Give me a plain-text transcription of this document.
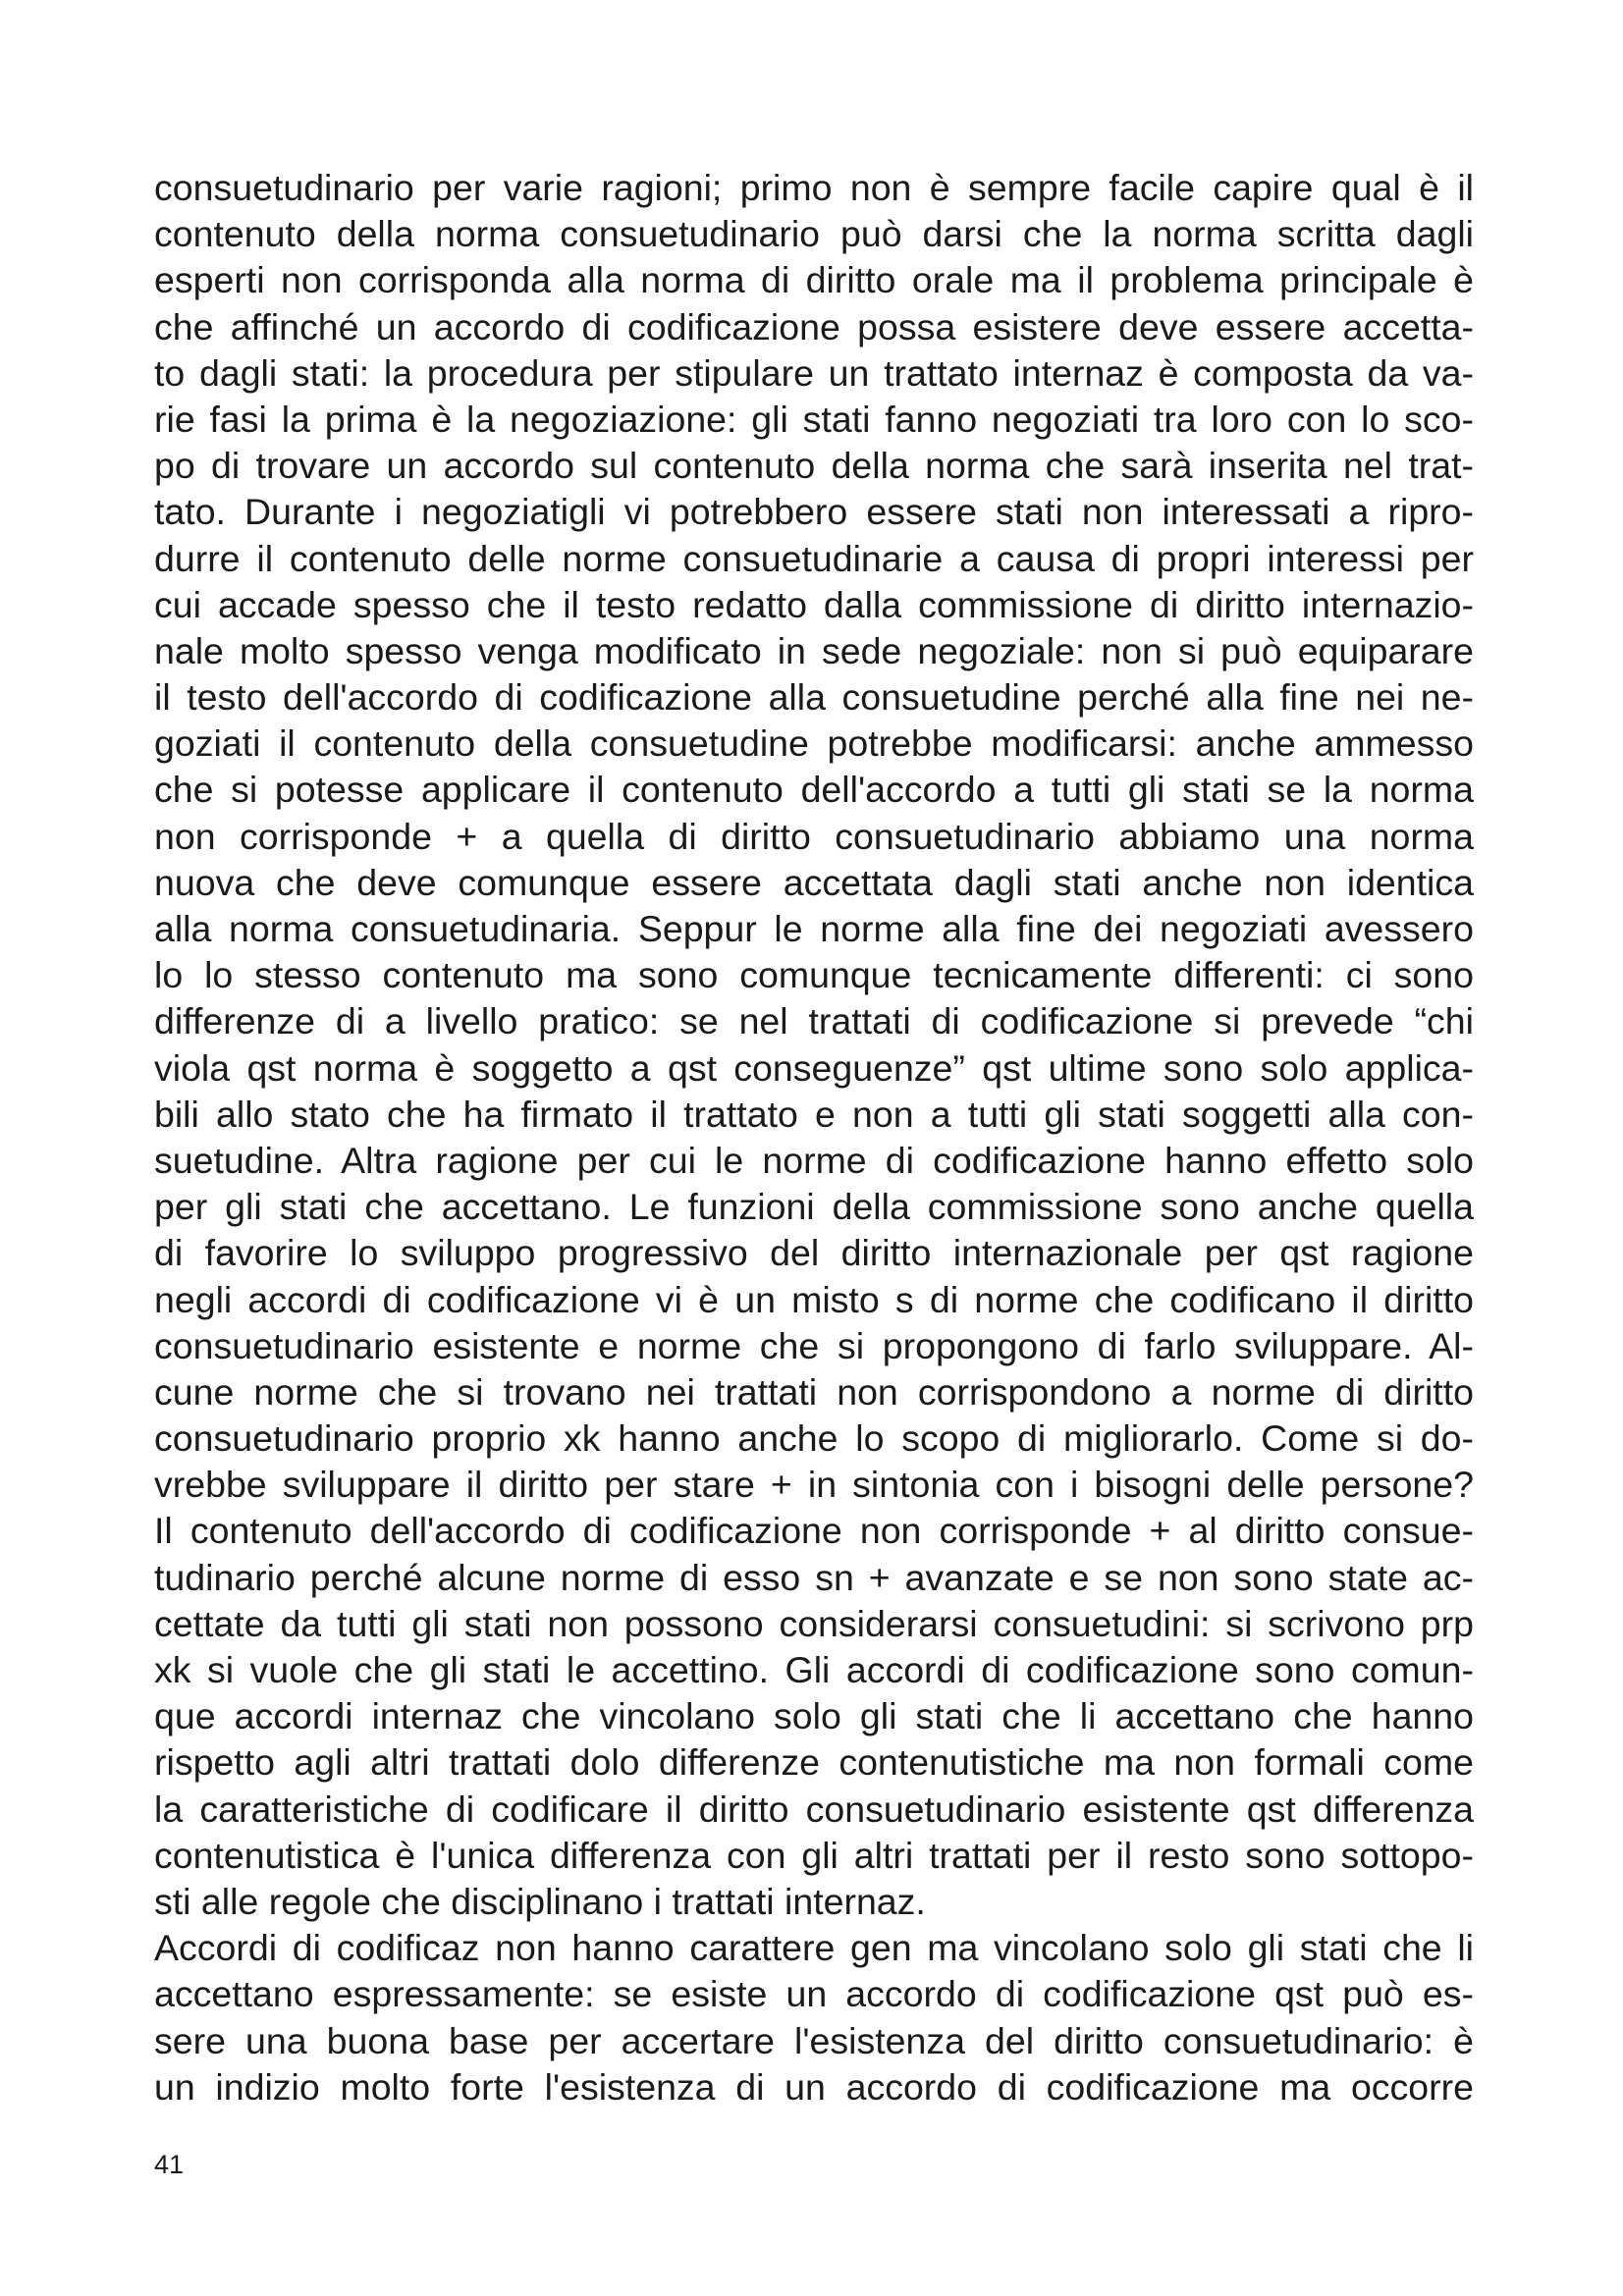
consuetudinario per varie ragioni; primo non è sempre facile capire qual è il
contenuto della norma consuetudinario può darsi che la norma scritta dagli
esperti non corrisponda alla norma di diritto orale ma il problema principale è
che affinché un accordo di codificazione possa esistere deve essere accetta-
to dagli stati: la procedura per stipulare un trattato internaz è composta da va-
rie fasi la prima è la negoziazione: gli stati fanno negoziati tra loro con lo sco-
po di trovare un accordo sul contenuto della norma che sarà inserita nel trat-
tato. Durante i negoziatigli vi potrebbero essere stati non interessati a ripro-
durre il contenuto delle norme consuetudinarie a causa di propri interessi per
cui accade spesso che il testo redatto dalla commissione di diritto internazio-
nale molto spesso venga modificato in sede negoziale: non si può equiparare
il testo dell'accordo di codificazione alla consuetudine perché alla fine nei ne-
goziati il contenuto della consuetudine potrebbe modificarsi: anche ammesso
che si potesse applicare il contenuto dell'accordo a tutti gli stati se la norma
non corrisponde + a quella di diritto consuetudinario abbiamo una norma
nuova che deve comunque essere accettata dagli stati anche non identica
alla norma consuetudinaria. Seppur le norme alla fine dei negoziati avessero
lo lo stesso contenuto ma sono comunque tecnicamente differenti: ci sono
differenze di a livello pratico: se nel trattati di codificazione si prevede “chi
viola qst norma è soggetto a qst conseguenze” qst ultime sono solo applica-
bili allo stato che ha firmato il trattato e non a tutti gli stati soggetti alla con-
suetudine. Altra ragione per cui le norme di codificazione hanno effetto solo
per gli stati che accettano. Le funzioni della commissione sono anche quella
di favorire lo sviluppo progressivo del diritto internazionale per qst ragione
negli accordi di codificazione vi è un misto s di norme che codificano il diritto
consuetudinario esistente e norme che si propongono di farlo sviluppare. Al-
cune norme che si trovano nei trattati non corrispondono a norme di diritto
consuetudinario proprio xk hanno anche lo scopo di migliorarlo. Come si do-
vrebbe sviluppare il diritto per stare + in sintonia con i bisogni delle persone?
Il contenuto dell'accordo di codificazione non corrisponde + al diritto consue-
tudinario perché alcune norme di esso sn + avanzate e se non sono state ac-
cettate da tutti gli stati non possono considerarsi consuetudini: si scrivono prp
xk si vuole che gli stati le accettino. Gli accordi di codificazione sono comun-
que accordi internaz che vincolano solo gli stati che li accettano che hanno
rispetto agli altri trattati dolo differenze contenutistiche ma non formali come
la caratteristiche di codificare il diritto consuetudinario esistente qst differenza
contenutistica è l'unica differenza con gli altri trattati per il resto sono sottopo-
sti alle regole che disciplinano i trattati internaz.
Accordi di codificaz non hanno carattere gen ma vincolano solo gli stati che li
accettano espressamente: se esiste un accordo di codificazione qst può es-
sere una buona base per accertare l'esistenza del diritto consuetudinario: è
un indizio molto forte l'esistenza di un accordo di codificazione ma occorre
41
